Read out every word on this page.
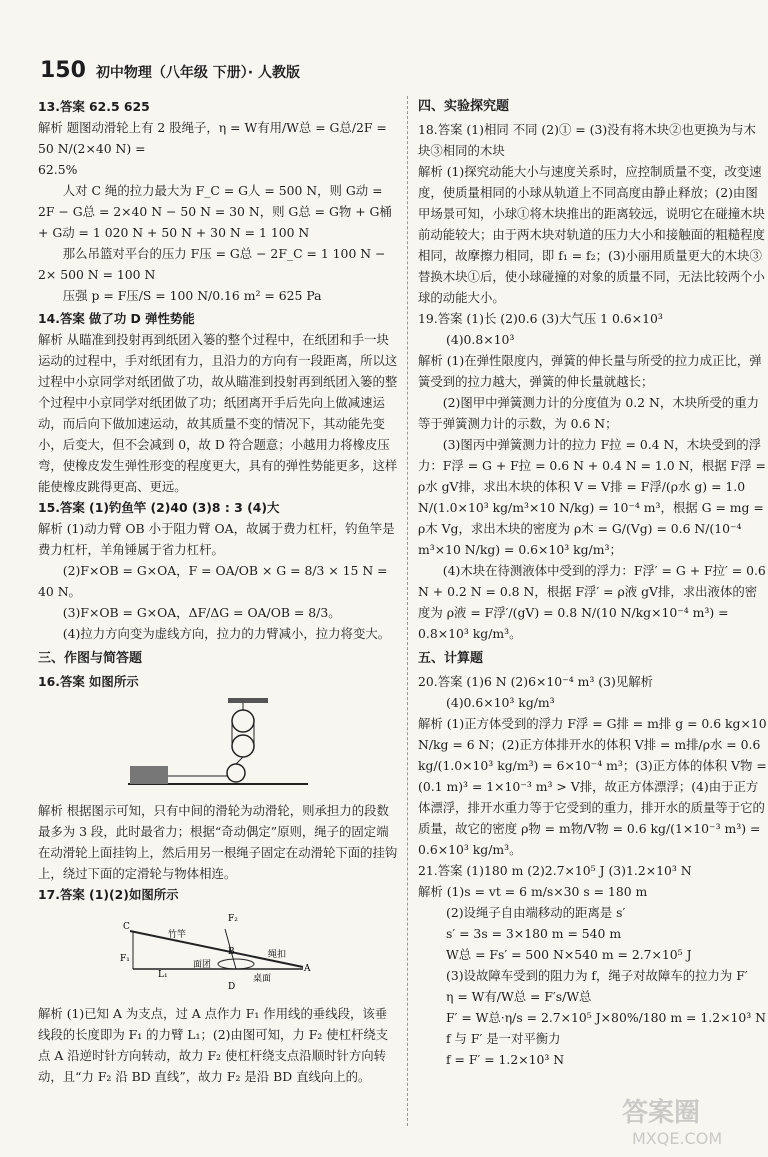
150 初中物理（八年级 下册）· 人教版

13.答案 62.5 625

解析 题图动滑轮上有 2 股绳子，η = W有用/W总 = G总/2F = 50 N/(2×40 N) =

62.5%

人对 C 绳的拉力最大为 F_C = G人 = 500 N，则 G动 = 2F − G总 = 2×40 N − 50 N = 30 N，则 G总 = G物 + G桶 + G动 = 1 020 N + 50 N + 30 N = 1 100 N

那么吊篮对平台的压力 F压 = G总 − 2F_C = 1 100 N − 2× 500 N = 100 N

压强 p = F压/S = 100 N/0.16 m² = 625 Pa

14.答案 做了功 D 弹性势能

解析 从瞄准到投射再到纸团入篓的整个过程中，在纸团和手一块运动的过程中，手对纸团有力，且沿力的方向有一段距离，所以这过程中小京同学对纸团做了功，故从瞄准到投射再到纸团入篓的整个过程中小京同学对纸团做了功；纸团离开手后先向上做减速运动，而后向下做加速运动，故其质量不变的情况下，其动能先变小，后变大，但不会减到 0，故 D 符合题意；小越用力将橡皮压弯，使橡皮发生弹性形变的程度更大，具有的弹性势能更多，这样能使橡皮跳得更高、更远。

15.答案 (1)钓鱼竿 (2)40 (3)8 : 3 (4)大

解析 (1)动力臂 OB 小于阻力臂 OA，故属于费力杠杆，钓鱼竿是费力杠杆，羊角锤属于省力杠杆。

(2)F×OB = G×OA，F = OA/OB × G = 8/3 × 15 N = 40 N。

(3)F×OB = G×OA，ΔF/ΔG = OA/OB = 8/3。

(4)拉力方向变为虚线方向，拉力的力臂减小，拉力将变大。

三、作图与简答题

16.答案 如图所示

解析 根据图示可知，只有中间的滑轮为动滑轮，则承担力的段数最多为 3 段，此时最省力；根据“奇动偶定”原则，绳子的固定端在动滑轮上面挂钩上，然后用另一根绳子固定在动滑轮下面的挂钩上，绕过下面的定滑轮与物体相连。

17.答案 (1)(2)如图所示

C
B
A
F₁
F₂
L₁
D
竹竿
面团
绳扣
桌面

解析 (1)已知 A 为支点，过 A 点作力 F₁ 作用线的垂线段，该垂线段的长度即为 F₁ 的力臂 L₁；(2)由图可知，力 F₂ 使杠杆绕支点 A 沿逆时针方向转动，故力 F₂ 使杠杆绕支点沿顺时针方向转动，且“力 F₂ 沿 BD 直线”，故力 F₂ 是沿 BD 直线向上的。

四、实验探究题

18.答案 (1)相同 不同 (2)① = (3)没有将木块②也更换为与木块③相同的木块

解析 (1)探究动能大小与速度关系时，应控制质量不变，改变速度，使质量相同的小球从轨道上不同高度由静止释放；(2)由图甲场景可知，小球①将木块推出的距离较远，说明它在碰撞木块前动能较大；由于两木块对轨道的压力大小和接触面的粗糙程度相同，故摩擦力相同，即 f₁ = f₂；(3)小丽用质量更大的木块③替换木块①后，使小球碰撞的对象的质量不同，无法比较两个小球的动能大小。

19.答案 (1)长 (2)0.6 (3)大气压 1 0.6×10³

(4)0.8×10³

解析 (1)在弹性限度内，弹簧的伸长量与所受的拉力成正比，弹簧受到的拉力越大，弹簧的伸长量就越长；

(2)图甲中弹簧测力计的分度值为 0.2 N，木块所受的重力等于弹簧测力计的示数，为 0.6 N；

(3)图丙中弹簧测力计的拉力 F拉 = 0.4 N，木块受到的浮力：F浮 = G + F拉 = 0.6 N + 0.4 N = 1.0 N，根据 F浮 = ρ水 gV排，求出木块的体积 V = V排 = F浮/(ρ水 g) = 1.0 N/(1.0×10³ kg/m³×10 N/kg) = 10⁻⁴ m³，根据 G = mg = ρ木 Vg，求出木块的密度为 ρ木 = G/(Vg) = 0.6 N/(10⁻⁴ m³×10 N/kg) = 0.6×10³ kg/m³；

(4)木块在待测液体中受到的浮力：F浮′ = G + F拉′ = 0.6 N + 0.2 N = 0.8 N，根据 F浮′ = ρ液 gV排，求出液体的密度为 ρ液 = F浮′/(gV) = 0.8 N/(10 N/kg×10⁻⁴ m³) = 0.8×10³ kg/m³。

五、计算题

20.答案 (1)6 N (2)6×10⁻⁴ m³ (3)见解析

(4)0.6×10³ kg/m³

解析 (1)正方体受到的浮力 F浮 = G排 = m排 g = 0.6 kg×10 N/kg = 6 N；(2)正方体排开水的体积 V排 = m排/ρ水 = 0.6 kg/(1.0×10³ kg/m³) = 6×10⁻⁴ m³；(3)正方体的体积 V物 = (0.1 m)³ = 1×10⁻³ m³ > V排，故正方体漂浮；(4)由于正方体漂浮，排开水重力等于它受到的重力，排开水的质量等于它的质量，故它的密度 ρ物 = m物/V物 = 0.6 kg/(1×10⁻³ m³) = 0.6×10³ kg/m³。

21.答案 (1)180 m (2)2.7×10⁵ J (3)1.2×10³ N

解析 (1)s = vt = 6 m/s×30 s = 180 m

(2)设绳子自由端移动的距离是 s′

s′ = 3s = 3×180 m = 540 m

W总 = Fs′ = 500 N×540 m = 2.7×10⁵ J

(3)设故障车受到的阻力为 f，绳子对故障车的拉力为 F′

η = W有/W总 = F′s/W总

F′ = W总·η/s = 2.7×10⁵ J×80%/180 m = 1.2×10³ N

f 与 F′ 是一对平衡力

f = F′ = 1.2×10³ N

答案圈
MXQE.COM
